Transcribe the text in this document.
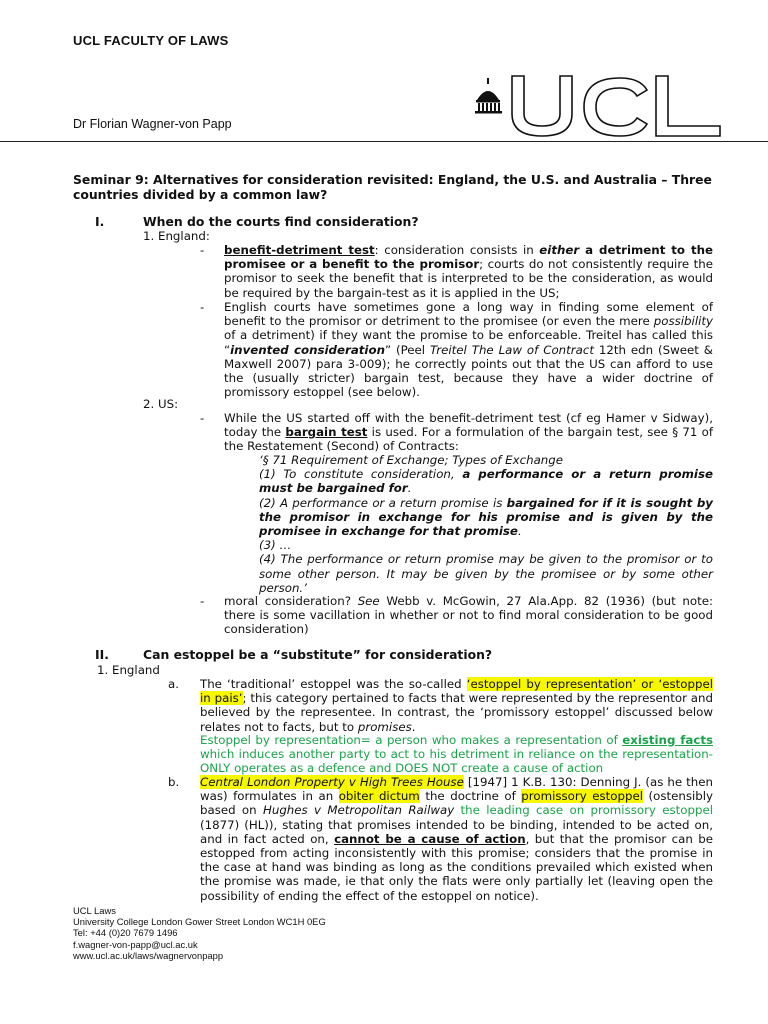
UCL FACULTY OF LAWS
Dr Florian Wagner-von Papp
UCL
Seminar 9: Alternatives for consideration revisited: England, the U.S. and Australia – Three countries divided by a common law?
I.	When do the courts find consideration?
1. England:
- benefit-detriment test: consideration consists in either a detriment to the promisee or a benefit to the promisor; courts do not consistently require the promisor to seek the benefit that is interpreted to be the consideration, as would be required by the bargain-test as it is applied in the US;
- English courts have sometimes gone a long way in finding some element of benefit to the promisor or detriment to the promisee (or even the mere possibility of a detriment) if they want the promise to be enforceable. Treitel has called this “invented consideration” (Peel Treitel The Law of Contract 12th edn (Sweet & Maxwell 2007) para 3-009); he correctly points out that the US can afford to use the (usually stricter) bargain test, because they have a wider doctrine of promissory estoppel (see below).
2. US:
- While the US started off with the benefit-detriment test (cf eg Hamer v Sidway), today the bargain test is used. For a formulation of the bargain test, see § 71 of the Restatement (Second) of Contracts:
‘§ 71 Requirement of Exchange; Types of Exchange
(1) To constitute consideration, a performance or a return promise must be bargained for.
(2) A performance or a return promise is bargained for if it is sought by the promisor in exchange for his promise and is given by the promisee in exchange for that promise.
(3) …
(4) The performance or return promise may be given to the promisor or to some other person. It may be given by the promisee or by some other person.’
- moral consideration? See Webb v. McGowin, 27 Ala.App. 82 (1936) (but note: there is some vacillation in whether or not to find moral consideration to be good consideration)
II.	Can estoppel be a “substitute” for consideration?
1. England
a. The ‘traditional’ estoppel was the so-called ‘estoppel by representation’ or ‘estoppel in pais’; this category pertained to facts that were represented by the representor and believed by the representee. In contrast, the ‘promissory estoppel’ discussed below relates not to facts, but to promises.
Estoppel by representation= a person who makes a representation of existing facts which induces another party to act to his detriment in reliance on the representation- ONLY operates as a defence and DOES NOT create a cause of action
b. Central London Property v High Trees House [1947] 1 K.B. 130: Denning J. (as he then was) formulates in an obiter dictum the doctrine of promissory estoppel (ostensibly based on Hughes v Metropolitan Railway the leading case on promissory estoppel (1877) (HL)), stating that promises intended to be binding, intended to be acted on, and in fact acted on, cannot be a cause of action, but that the promisor can be estopped from acting inconsistently with this promise; considers that the promise in the case at hand was binding as long as the conditions prevailed which existed when the promise was made, ie that only the flats were only partially let (leaving open the possibility of ending the effect of the estoppel on notice).
UCL Laws
University College London Gower Street London WC1H 0EG
Tel: +44 (0)20 7679 1496
f.wagner-von-papp@ucl.ac.uk
www.ucl.ac.uk/laws/wagnervonpapp
